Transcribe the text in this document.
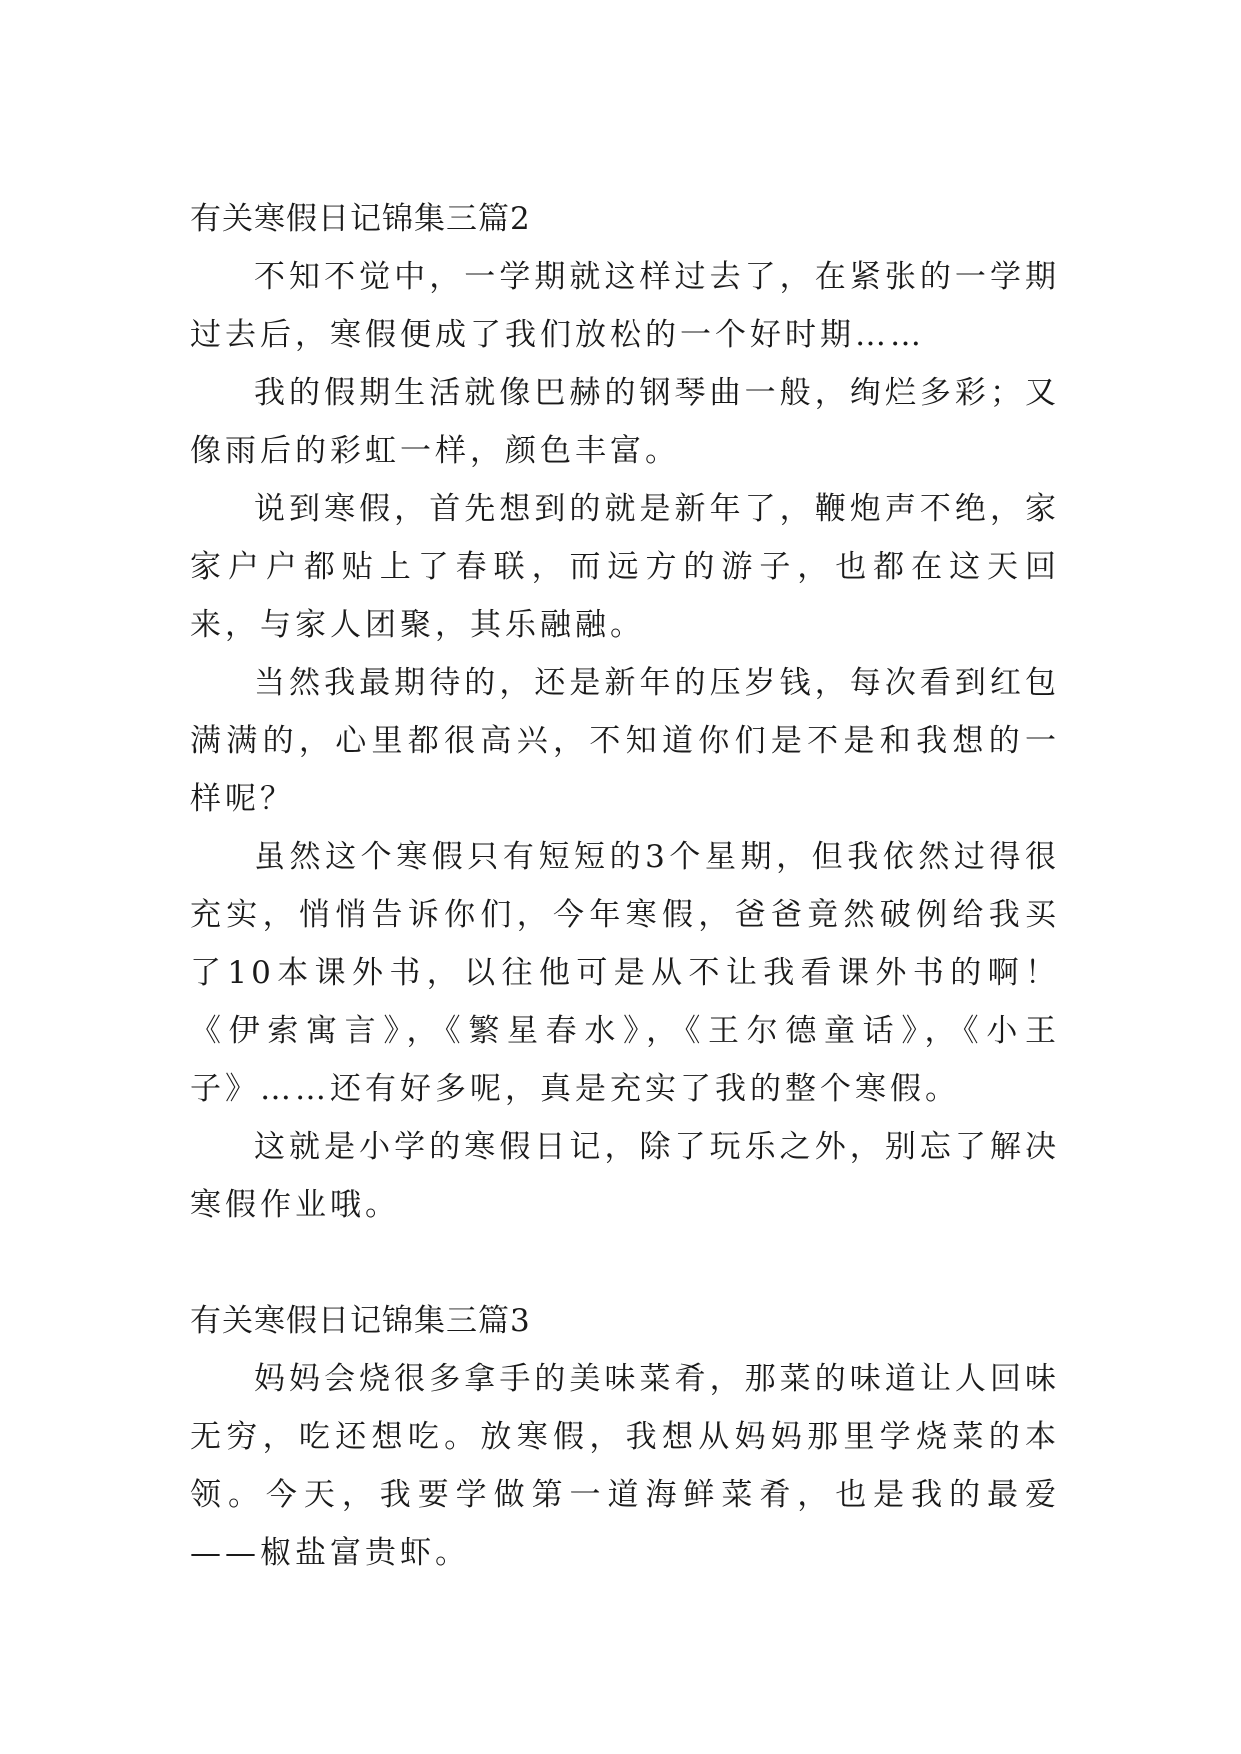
有关寒假日记锦集三篇2

不知不觉中，一学期就这样过去了，在紧张的一学期过去后，寒假便成了我们放松的一个好时期……

我的假期生活就像巴赫的钢琴曲一般，绚烂多彩；又像雨后的彩虹一样，颜色丰富。

说到寒假，首先想到的就是新年了，鞭炮声不绝，家家户户都贴上了春联，而远方的游子，也都在这天回来，与家人团聚，其乐融融。

当然我最期待的，还是新年的压岁钱，每次看到红包满满的，心里都很高兴，不知道你们是不是和我想的一样呢？

虽然这个寒假只有短短的3个星期，但我依然过得很充实，悄悄告诉你们，今年寒假，爸爸竟然破例给我买了10本课外书，以往他可是从不让我看课外书的啊！《伊索寓言》，《繁星春水》，《王尔德童话》，《小王子》……还有好多呢，真是充实了我的整个寒假。

这就是小学的寒假日记，除了玩乐之外，别忘了解决寒假作业哦。

有关寒假日记锦集三篇3

妈妈会烧很多拿手的美味菜肴，那菜的味道让人回味无穷，吃还想吃。放寒假，我想从妈妈那里学烧菜的本领。今天，我要学做第一道海鲜菜肴，也是我的最爱——椒盐富贵虾。
